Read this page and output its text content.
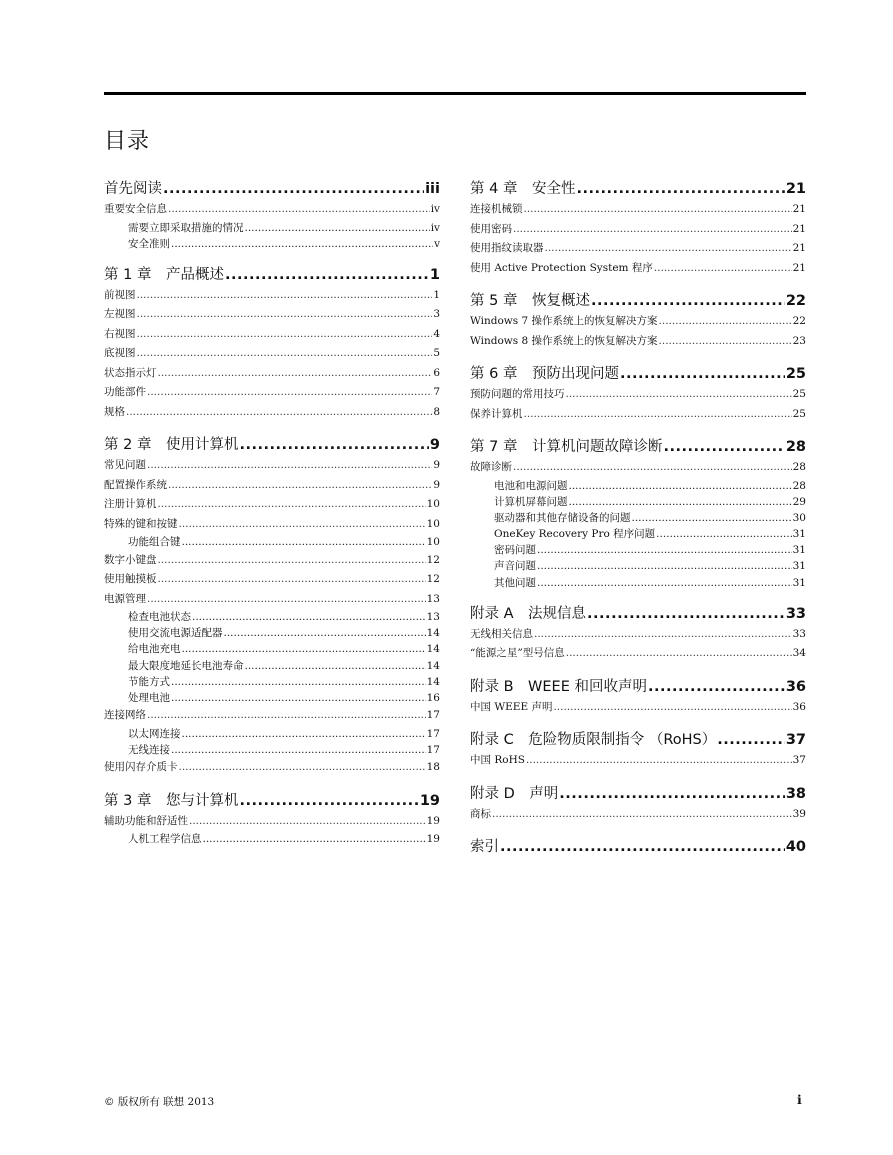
目录
首先阅读 .....	iii
重要安全信息 .....	iv
需要立即采取措施的情况 .....	iv
安全准则 .....	v
第 1 章　产品概述 .....	1
前视图 .....	1
左视图 .....	3
右视图 .....	4
底视图 .....	5
状态指示灯 .....	6
功能部件 .....	7
规格 .....	8
第 2 章　使用计算机 .....	9
常见问题 .....	9
配置操作系统 .....	9
注册计算机 .....	10
特殊的键和按键 .....	10
功能组合键 .....	10
数字小键盘 .....	12
使用触摸板 .....	12
电源管理 .....	13
检查电池状态 .....	13
使用交流电源适配器 .....	14
给电池充电 .....	14
最大限度地延长电池寿命 .....	14
节能方式 .....	14
处理电池 .....	16
连接网络 .....	17
以太网连接 .....	17
无线连接 .....	17
使用闪存介质卡 .....	18
第 3 章　您与计算机 .....	19
辅助功能和舒适性 .....	19
人机工程学信息 .....	19
第 4 章　安全性 .....	21
连接机械锁 .....	21
使用密码 .....	21
使用指纹读取器 .....	21
使用 Active Protection System 程序 .....	21
第 5 章　恢复概述 .....	22
Windows 7 操作系统上的恢复解决方案 .....	22
Windows 8 操作系统上的恢复解决方案 .....	23
第 6 章　预防出现问题 .....	25
预防问题的常用技巧 .....	25
保养计算机 .....	25
第 7 章　计算机问题故障诊断 .....	28
故障诊断 .....	28
电池和电源问题 .....	28
计算机屏幕问题 .....	29
驱动器和其他存储设备的问题 .....	30
OneKey Recovery Pro 程序问题 .....	31
密码问题 .....	31
声音问题 .....	31
其他问题 .....	31
附录 A　法规信息 .....	33
无线相关信息 .....	33
“能源之星”型号信息 .....	34
附录 B　WEEE 和回收声明 .....	36
中国 WEEE 声明 .....	36
附录 C　危险物质限制指令 （RoHS） .....	37
中国 RoHS .....	37
附录 D　声明 .....	38
商标 .....	39
索引 .....	40
© 版权所有 联想 2013	i
